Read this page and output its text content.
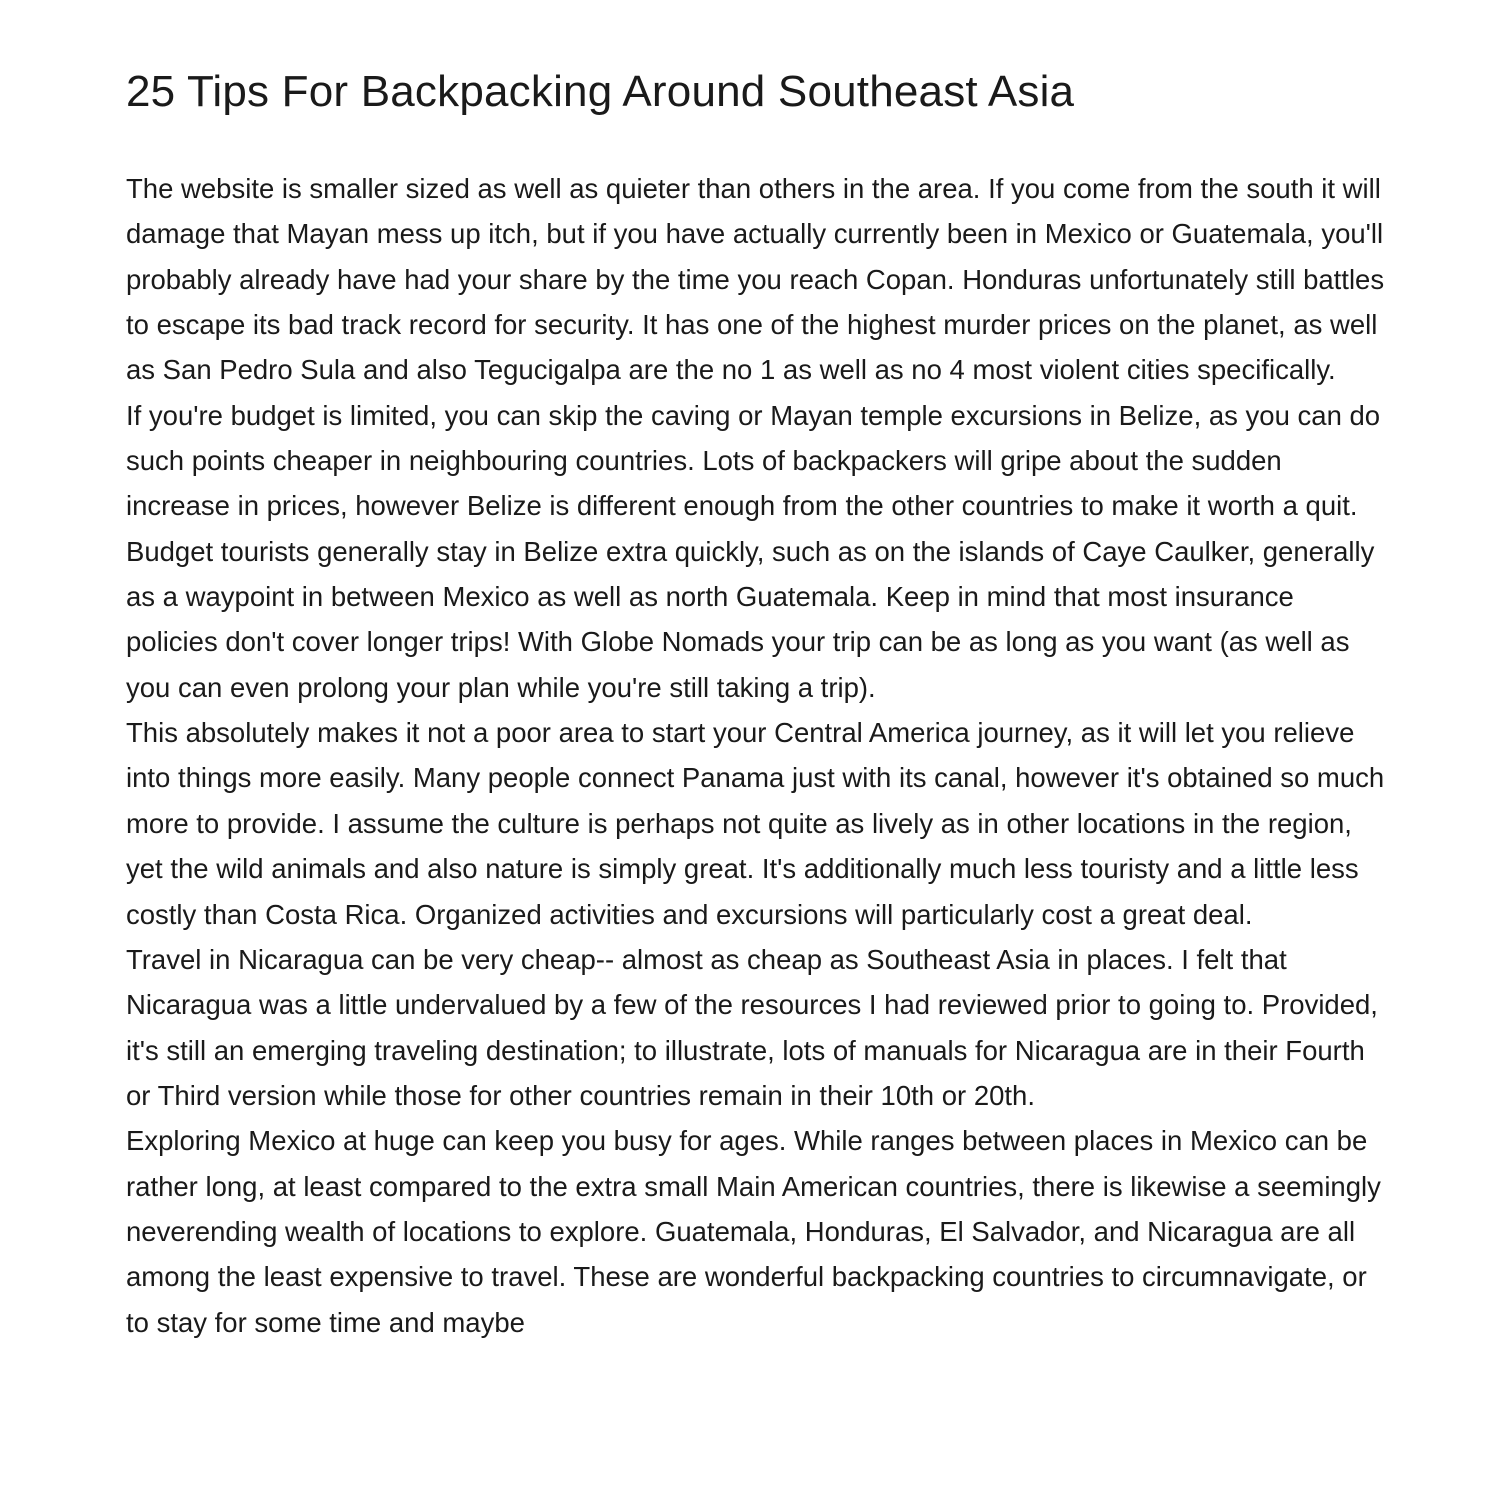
25 Tips For Backpacking Around Southeast Asia

The website is smaller sized as well as quieter than others in the area. If you come from the south it will damage that Mayan mess up itch, but if you have actually currently been in Mexico or Guatemala, you'll probably already have had your share by the time you reach Copan. Honduras unfortunately still battles to escape its bad track record for security. It has one of the highest murder prices on the planet, as well as San Pedro Sula and also Tegucigalpa are the no 1 as well as no 4 most violent cities specifically.

If you're budget is limited, you can skip the caving or Mayan temple excursions in Belize, as you can do such points cheaper in neighbouring countries. Lots of backpackers will gripe about the sudden increase in prices, however Belize is different enough from the other countries to make it worth a quit. Budget tourists generally stay in Belize extra quickly, such as on the islands of Caye Caulker, generally as a waypoint in between Mexico as well as north Guatemala. Keep in mind that most insurance policies don't cover longer trips! With Globe Nomads your trip can be as long as you want (as well as you can even prolong your plan while you're still taking a trip).

This absolutely makes it not a poor area to start your Central America journey, as it will let you relieve into things more easily. Many people connect Panama just with its canal, however it's obtained so much more to provide. I assume the culture is perhaps not quite as lively as in other locations in the region, yet the wild animals and also nature is simply great. It's additionally much less touristy and a little less costly than Costa Rica. Organized activities and excursions will particularly cost a great deal.

Travel in Nicaragua can be very cheap-- almost as cheap as Southeast Asia in places. I felt that Nicaragua was a little undervalued by a few of the resources I had reviewed prior to going to. Provided, it's still an emerging traveling destination; to illustrate, lots of manuals for Nicaragua are in their Fourth or Third version while those for other countries remain in their 10th or 20th.

Exploring Mexico at huge can keep you busy for ages. While ranges between places in Mexico can be rather long, at least compared to the extra small Main American countries, there is likewise a seemingly neverending wealth of locations to explore. Guatemala, Honduras, El Salvador, and Nicaragua are all among the least expensive to travel. These are wonderful backpacking countries to circumnavigate, or to stay for some time and maybe
